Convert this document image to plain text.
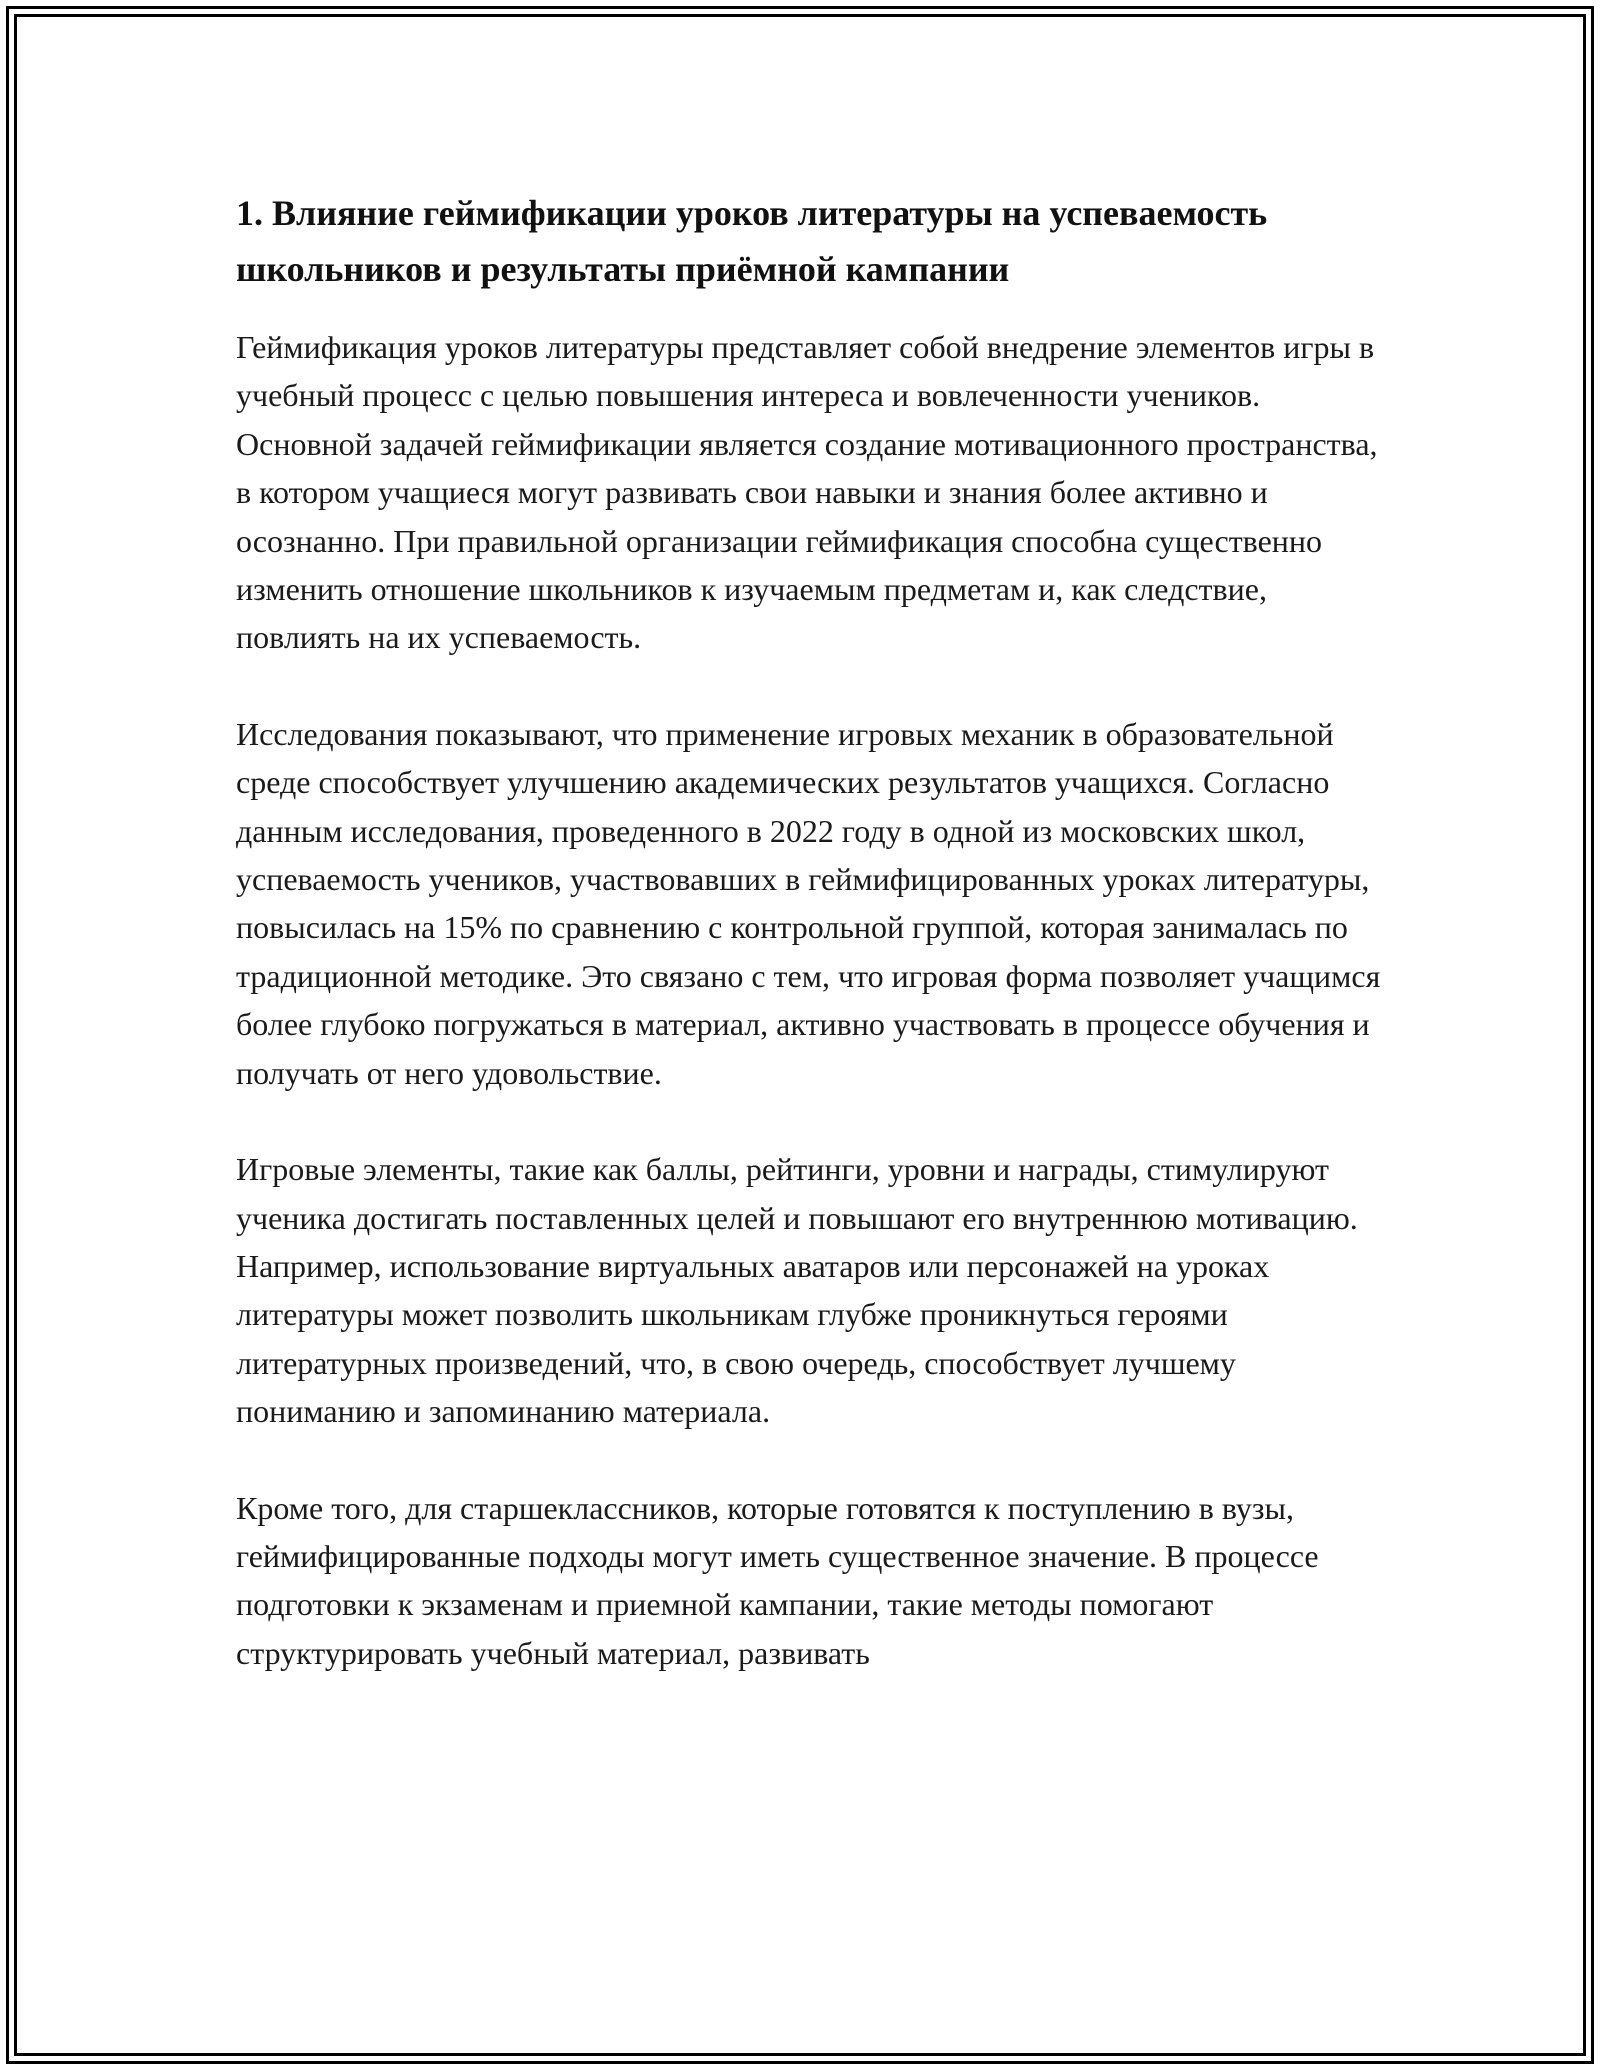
1. Влияние геймификации уроков литературы на успеваемость школьников и результаты приёмной кампании

Геймификация уроков литературы представляет собой внедрение элементов игры в учебный процесс с целью повышения интереса и вовлеченности учеников. Основной задачей геймификации является создание мотивационного пространства, в котором учащиеся могут развивать свои навыки и знания более активно и осознанно. При правильной организации геймификация способна существенно изменить отношение школьников к изучаемым предметам и, как следствие, повлиять на их успеваемость.

Исследования показывают, что применение игровых механик в образовательной среде способствует улучшению академических результатов учащихся. Согласно данным исследования, проведенного в 2022 году в одной из московских школ, успеваемость учеников, участвовавших в геймифицированных уроках литературы, повысилась на 15% по сравнению с контрольной группой, которая занималась по традиционной методике. Это связано с тем, что игровая форма позволяет учащимся более глубоко погружаться в материал, активно участвовать в процессе обучения и получать от него удовольствие.

Игровые элементы, такие как баллы, рейтинги, уровни и награды, стимулируют ученика достигать поставленных целей и повышают его внутреннюю мотивацию. Например, использование виртуальных аватаров или персонажей на уроках литературы может позволить школьникам глубже проникнуться героями литературных произведений, что, в свою очередь, способствует лучшему пониманию и запоминанию материала.

Кроме того, для старшеклассников, которые готовятся к поступлению в вузы, геймифицированные подходы могут иметь существенное значение. В процессе подготовки к экзаменам и приемной кампании, такие методы помогают структурировать учебный материал, развивать
